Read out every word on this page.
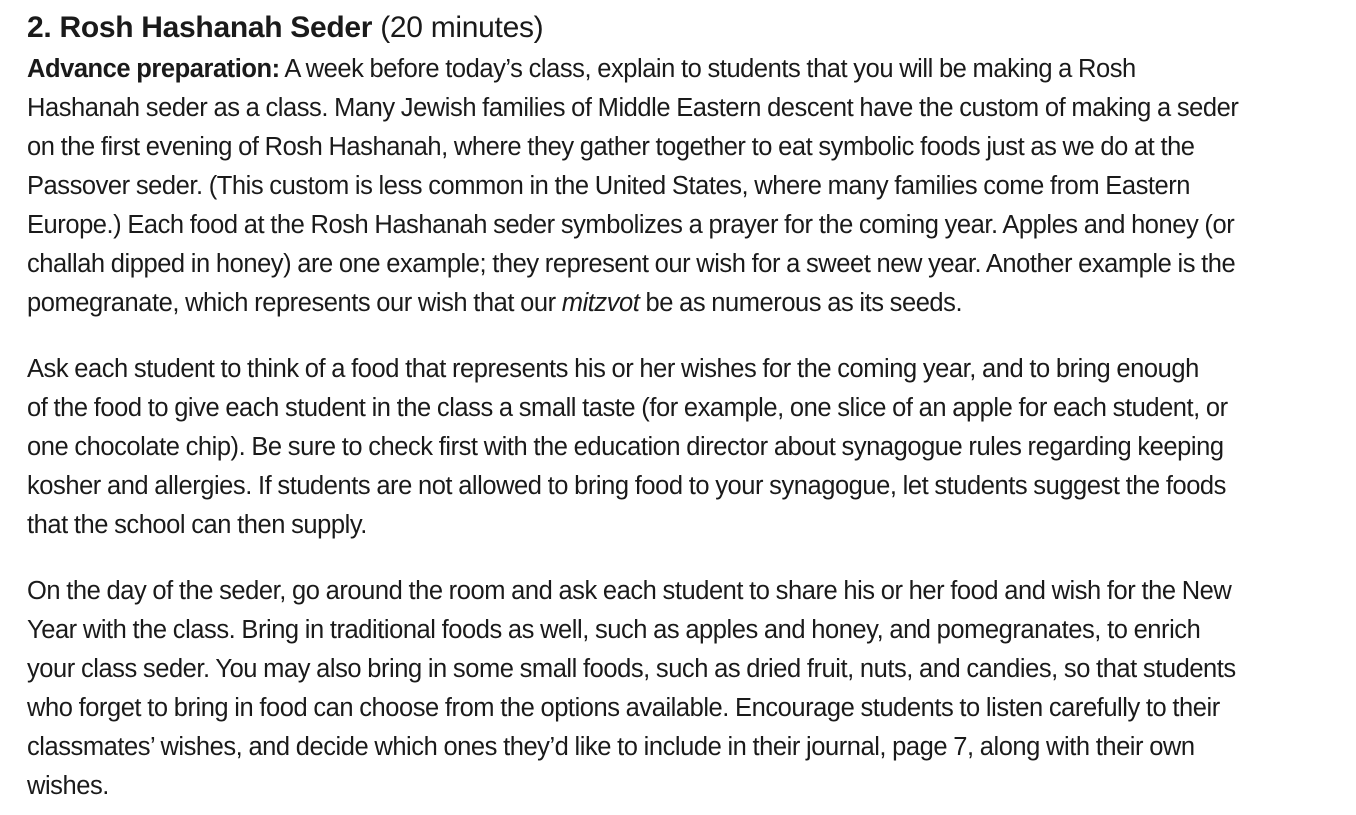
2. Rosh Hashanah Seder (20 minutes)

Advance preparation: A week before today’s class, explain to students that you will be making a Rosh
Hashanah seder as a class. Many Jewish families of Middle Eastern descent have the custom of making a seder
on the first evening of Rosh Hashanah, where they gather together to eat symbolic foods just as we do at the
Passover seder. (This custom is less common in the United States, where many families come from Eastern
Europe.) Each food at the Rosh Hashanah seder symbolizes a prayer for the coming year. Apples and honey (or
challah dipped in honey) are one example; they represent our wish for a sweet new year. Another example is the
pomegranate, which represents our wish that our mitzvot be as numerous as its seeds.

Ask each student to think of a food that represents his or her wishes for the coming year, and to bring enough
of the food to give each student in the class a small taste (for example, one slice of an apple for each student, or
one chocolate chip). Be sure to check first with the education director about synagogue rules regarding keeping
kosher and allergies. If students are not allowed to bring food to your synagogue, let students suggest the foods
that the school can then supply.

On the day of the seder, go around the room and ask each student to share his or her food and wish for the New
Year with the class. Bring in traditional foods as well, such as apples and honey, and pomegranates, to enrich
your class seder. You may also bring in some small foods, such as dried fruit, nuts, and candies, so that students
who forget to bring in food can choose from the options available. Encourage students to listen carefully to their
classmates’ wishes, and decide which ones they’d like to include in their journal, page 7, along with their own
wishes.
